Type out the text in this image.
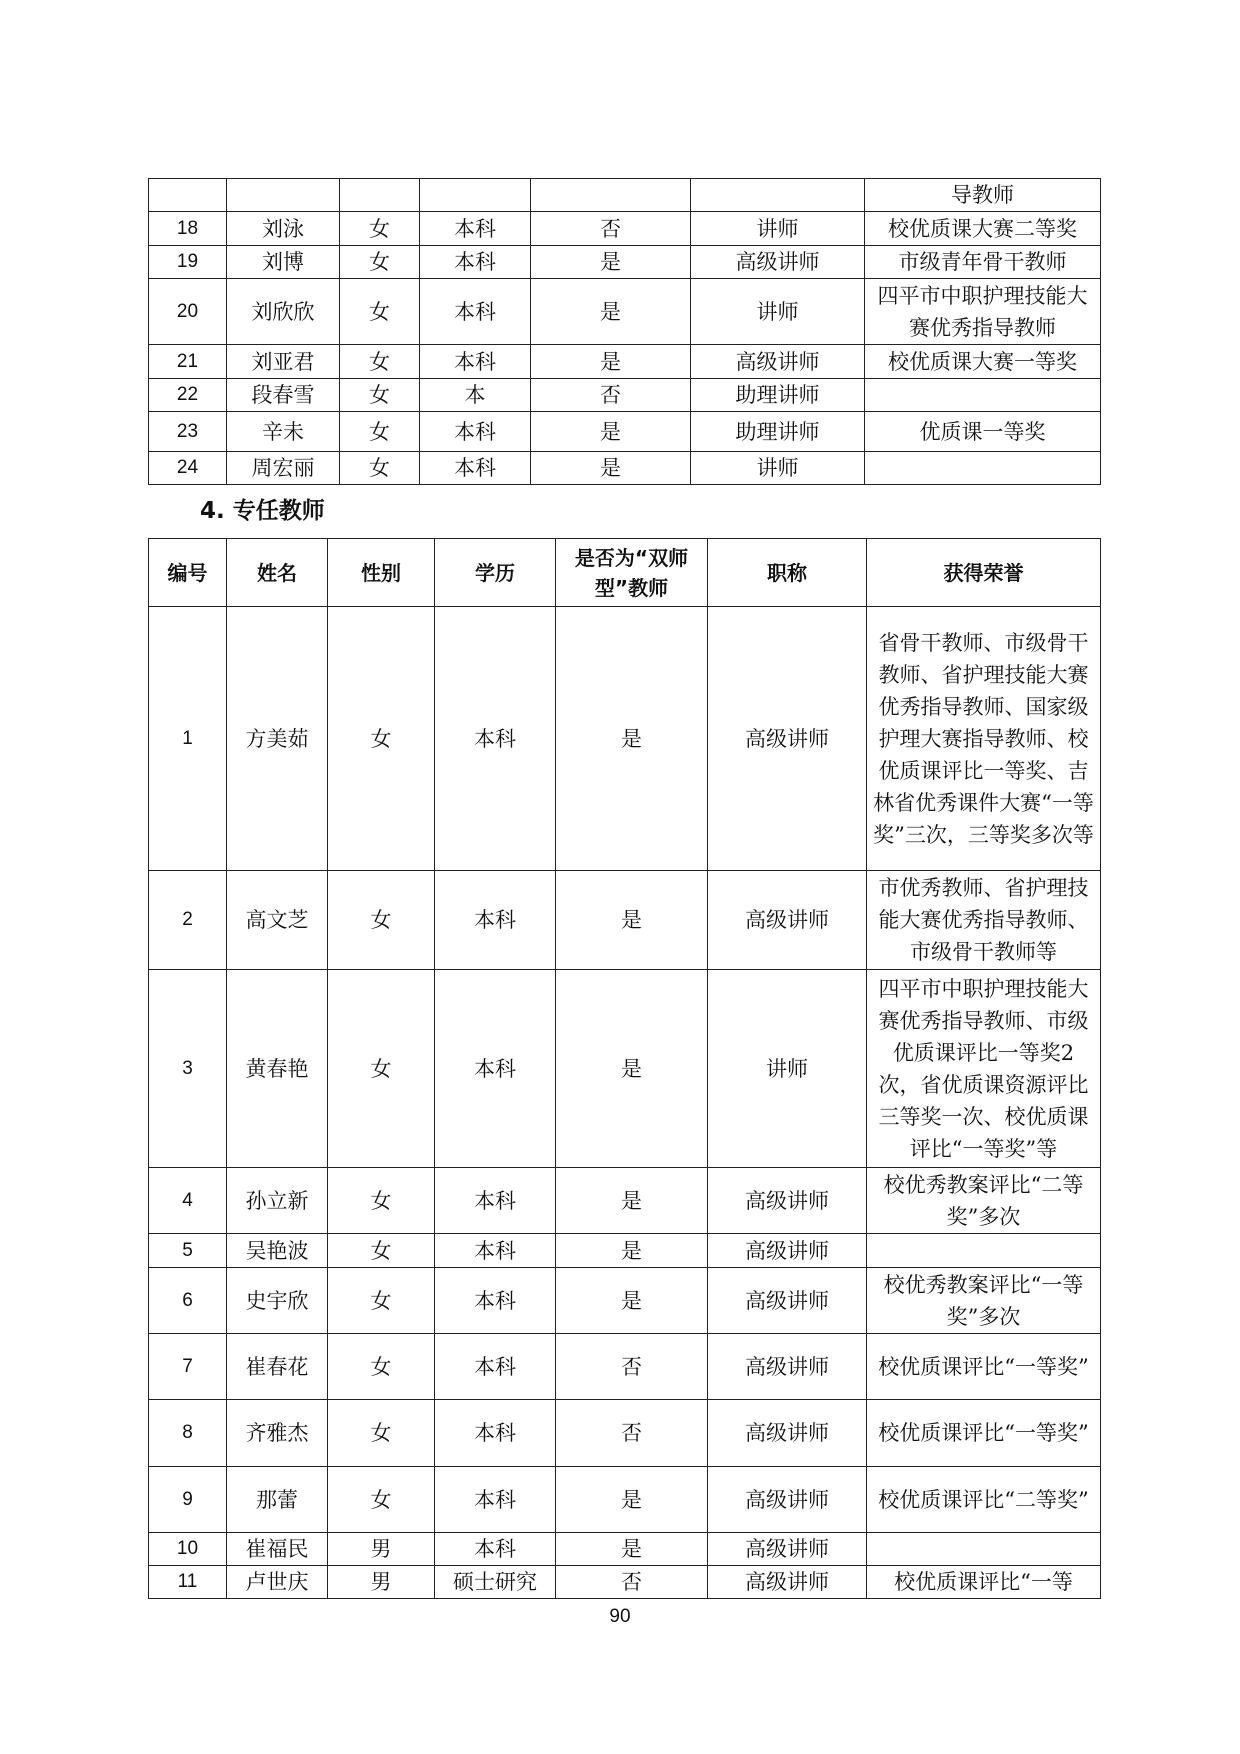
						导教师
18	刘泳	女	本科	否	讲师	校优质课大赛二等奖
19	刘博	女	本科	是	高级讲师	市级青年骨干教师
20	刘欣欣	女	本科	是	讲师	四平市中职护理技能大赛优秀指导教师
21	刘亚君	女	本科	是	高级讲师	校优质课大赛一等奖
22	段春雪	女	本	否	助理讲师	
23	辛未	女	本科	是	助理讲师	优质课一等奖
24	周宏丽	女	本科	是	讲师	
4. 专任教师
编号	姓名	性别	学历	是否为“双师型”教师	职称	获得荣誉
1	方美茹	女	本科	是	高级讲师	省骨干教师、市级骨干教师、省护理技能大赛优秀指导教师、国家级护理大赛指导教师、校优质课评比一等奖、吉林省优秀课件大赛“一等奖”三次，三等奖多次等
2	高文芝	女	本科	是	高级讲师	市优秀教师、省护理技能大赛优秀指导教师、市级骨干教师等
3	黄春艳	女	本科	是	讲师	四平市中职护理技能大赛优秀指导教师、市级优质课评比一等奖2次，省优质课资源评比三等奖一次、校优质课评比“一等奖”等
4	孙立新	女	本科	是	高级讲师	校优秀教案评比“二等奖”多次
5	吴艳波	女	本科	是	高级讲师	
6	史宇欣	女	本科	是	高级讲师	校优秀教案评比“一等奖”多次
7	崔春花	女	本科	否	高级讲师	校优质课评比“一等奖”
8	齐雅杰	女	本科	否	高级讲师	校优质课评比“一等奖”
9	那蕾	女	本科	是	高级讲师	校优质课评比“二等奖”
10	崔福民	男	本科	是	高级讲师	
11	卢世庆	男	硕士研究	否	高级讲师	校优质课评比“一等
90
